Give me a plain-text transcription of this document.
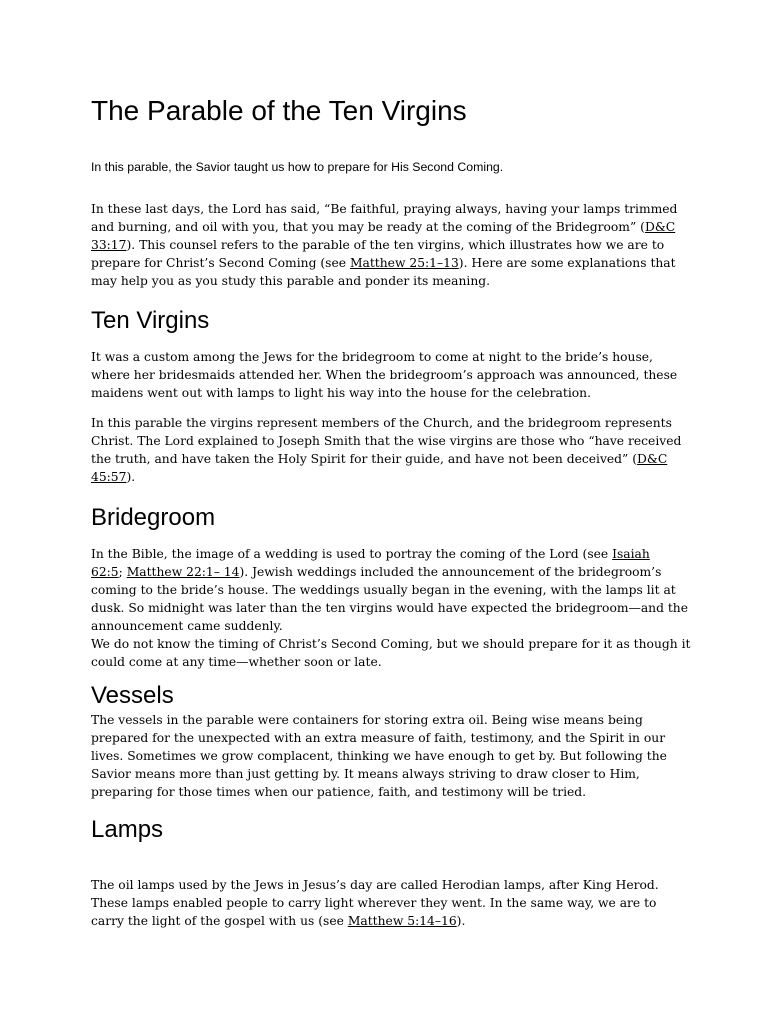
The Parable of the Ten Virgins

In this parable, the Savior taught us how to prepare for His Second Coming.

In these last days, the Lord has said, “Be faithful, praying always, having your lamps trimmed
and burning, and oil with you, that you may be ready at the coming of the Bridegroom” (D&C
33:17). This counsel refers to the parable of the ten virgins, which illustrates how we are to
prepare for Christ’s Second Coming (see Matthew 25:1–13). Here are some explanations that
may help you as you study this parable and ponder its meaning.
Ten Virgins
It was a custom among the Jews for the bridegroom to come at night to the bride’s house,
where her bridesmaids attended her. When the bridegroom’s approach was announced, these
maidens went out with lamps to light his way into the house for the celebration.
In this parable the virgins represent members of the Church, and the bridegroom represents
Christ. The Lord explained to Joseph Smith that the wise virgins are those who “have received
the truth, and have taken the Holy Spirit for their guide, and have not been deceived” (D&C
45:57).
Bridegroom
In the Bible, the image of a wedding is used to portray the coming of the Lord (see Isaiah
62:5; Matthew 22:1– 14). Jewish weddings included the announcement of the bridegroom’s
coming to the bride’s house. The weddings usually began in the evening, with the lamps lit at
dusk. So midnight was later than the ten virgins would have expected the bridegroom—and the
announcement came suddenly.
We do not know the timing of Christ’s Second Coming, but we should prepare for it as though it
could come at any time—whether soon or late.
Vessels
The vessels in the parable were containers for storing extra oil. Being wise means being
prepared for the unexpected with an extra measure of faith, testimony, and the Spirit in our
lives. Sometimes we grow complacent, thinking we have enough to get by. But following the
Savior means more than just getting by. It means always striving to draw closer to Him,
preparing for those times when our patience, faith, and testimony will be tried.
Lamps
The oil lamps used by the Jews in Jesus’s day are called Herodian lamps, after King Herod.
These lamps enabled people to carry light wherever they went. In the same way, we are to
carry the light of the gospel with us (see Matthew 5:14–16).
